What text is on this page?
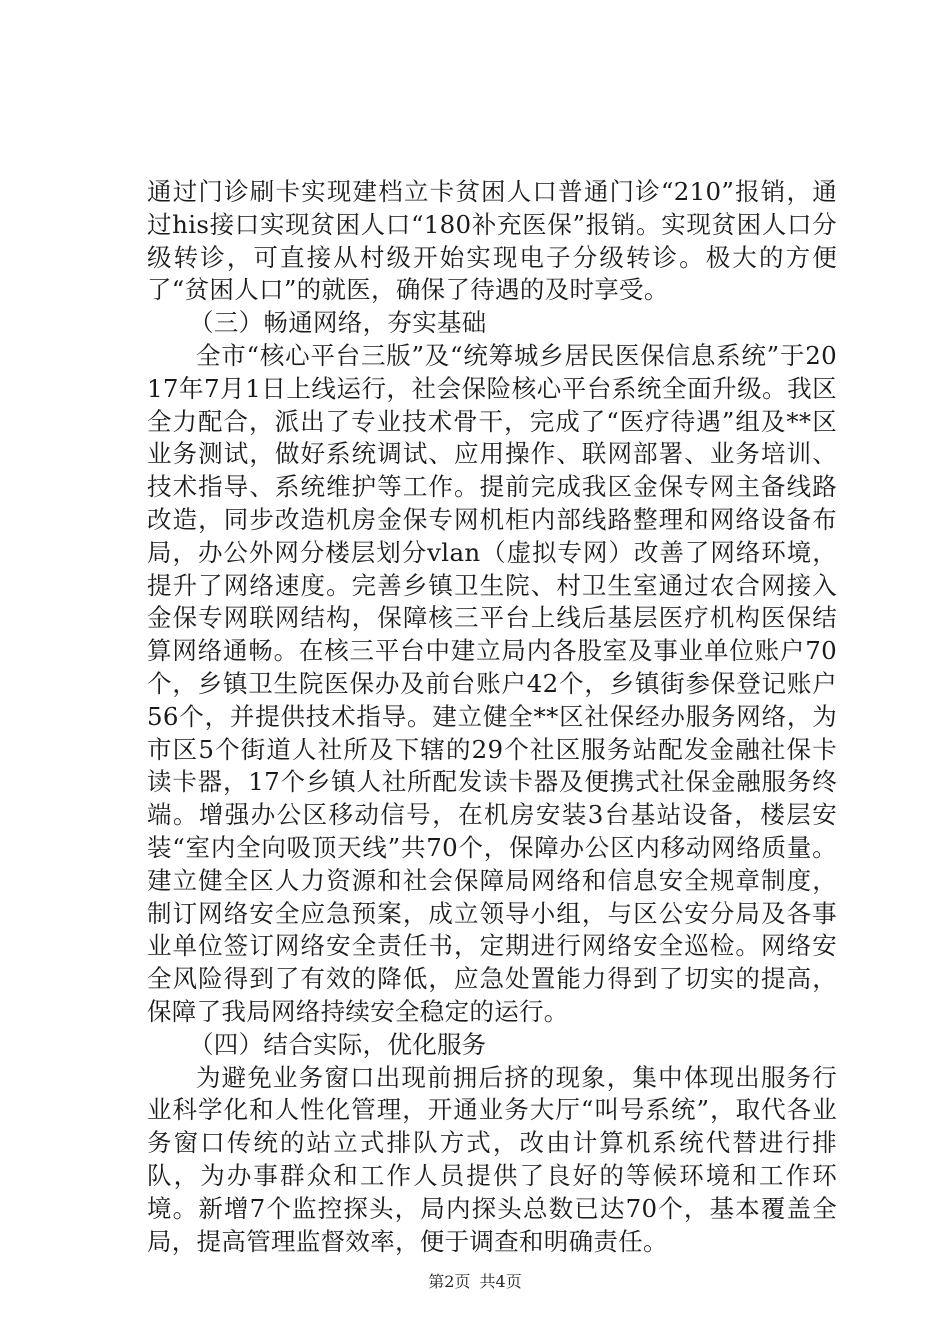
通过门诊刷卡实现建档立卡贫困人口普通门诊“210”报销，通过his接口实现贫困人口“180补充医保”报销。实现贫困人口分级转诊，可直接从村级开始实现电子分级转诊。极大的方便了“贫困人口”的就医，确保了待遇的及时享受。

（三）畅通网络，夯实基础

全市“核心平台三版”及“统筹城乡居民医保信息系统”于2017年7月1日上线运行，社会保险核心平台系统全面升级。我区全力配合，派出了专业技术骨干，完成了“医疗待遇”组及**区业务测试，做好系统调试、应用操作、联网部署、业务培训、技术指导、系统维护等工作。提前完成我区金保专网主备线路改造，同步改造机房金保专网机柜内部线路整理和网络设备布局，办公外网分楼层划分vlan（虚拟专网）改善了网络环境，提升了网络速度。完善乡镇卫生院、村卫生室通过农合网接入金保专网联网结构，保障核三平台上线后基层医疗机构医保结算网络通畅。在核三平台中建立局内各股室及事业单位账户70个，乡镇卫生院医保办及前台账户42个，乡镇街参保登记账户56个，并提供技术指导。建立健全**区社保经办服务网络，为市区5个街道人社所及下辖的29个社区服务站配发金融社保卡读卡器，17个乡镇人社所配发读卡器及便携式社保金融服务终端。增强办公区移动信号，在机房安装3台基站设备，楼层安装“室内全向吸顶天线”共70个，保障办公区内移动网络质量。建立健全区人力资源和社会保障局网络和信息安全规章制度，制订网络安全应急预案，成立领导小组，与区公安分局及各事业单位签订网络安全责任书，定期进行网络安全巡检。网络安全风险得到了有效的降低，应急处置能力得到了切实的提高，保障了我局网络持续安全稳定的运行。

（四）结合实际，优化服务

为避免业务窗口出现前拥后挤的现象，集中体现出服务行业科学化和人性化管理，开通业务大厅“叫号系统”，取代各业务窗口传统的站立式排队方式，改由计算机系统代替进行排队，为办事群众和工作人员提供了良好的等候环境和工作环境。新增7个监控探头，局内探头总数已达70个，基本覆盖全局，提高管理监督效率，便于调查和明确责任。

第2页 共4页
